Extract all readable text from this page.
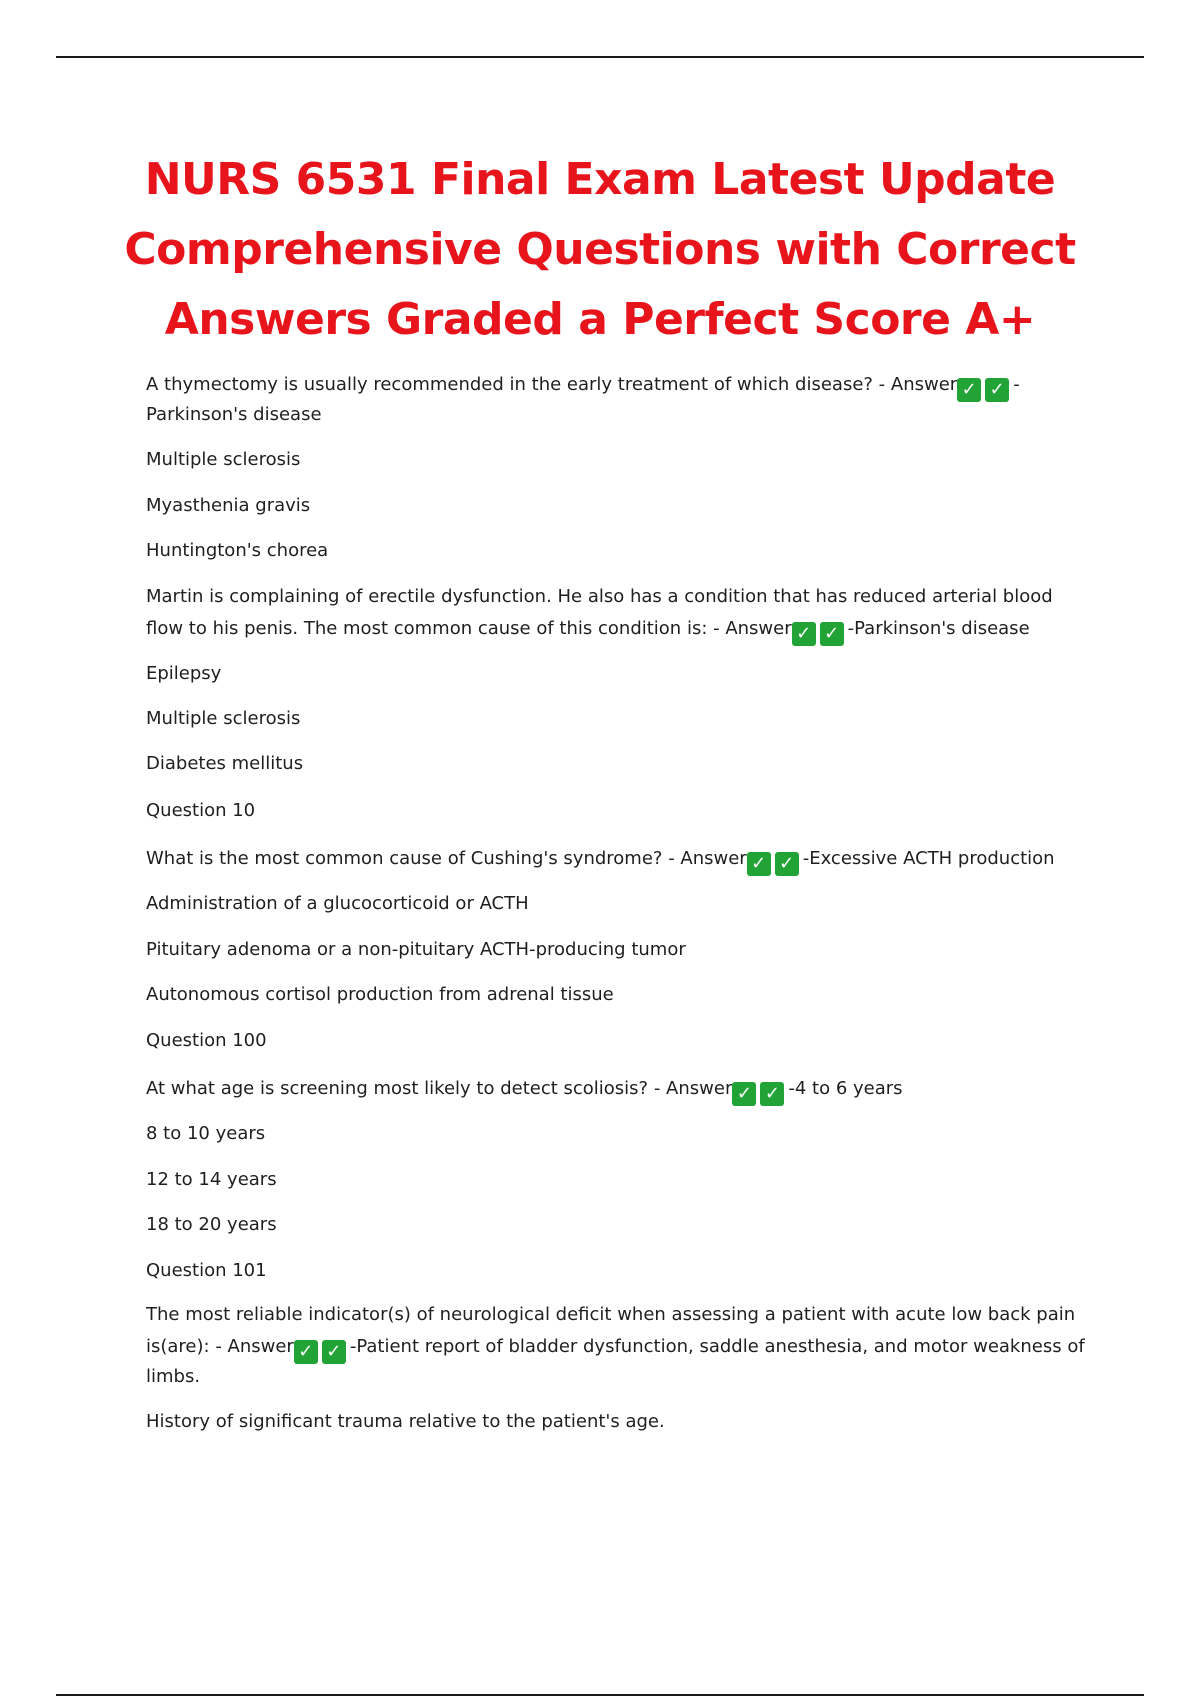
NURS 6531 Final Exam Latest Update
Comprehensive Questions with Correct
Answers Graded a Perfect Score A+
A thymectomy is usually recommended in the early treatment of which disease? - Answer ✓ ✓ -
Parkinson's disease
Multiple sclerosis
Myasthenia gravis
Huntington's chorea
Martin is complaining of erectile dysfunction. He also has a condition that has reduced arterial blood
flow to his penis. The most common cause of this condition is: - Answer ✓ ✓ -Parkinson's disease
Epilepsy
Multiple sclerosis
Diabetes mellitus
Question 10
What is the most common cause of Cushing's syndrome? - Answer ✓ ✓ -Excessive ACTH production
Administration of a glucocorticoid or ACTH
Pituitary adenoma or a non-pituitary ACTH-producing tumor
Autonomous cortisol production from adrenal tissue
Question 100
At what age is screening most likely to detect scoliosis? - Answer ✓ ✓ -4 to 6 years
8 to 10 years
12 to 14 years
18 to 20 years
Question 101
The most reliable indicator(s) of neurological deficit when assessing a patient with acute low back pain
is(are): - Answer ✓ ✓ -Patient report of bladder dysfunction, saddle anesthesia, and motor weakness of
limbs.
History of significant trauma relative to the patient's age.
